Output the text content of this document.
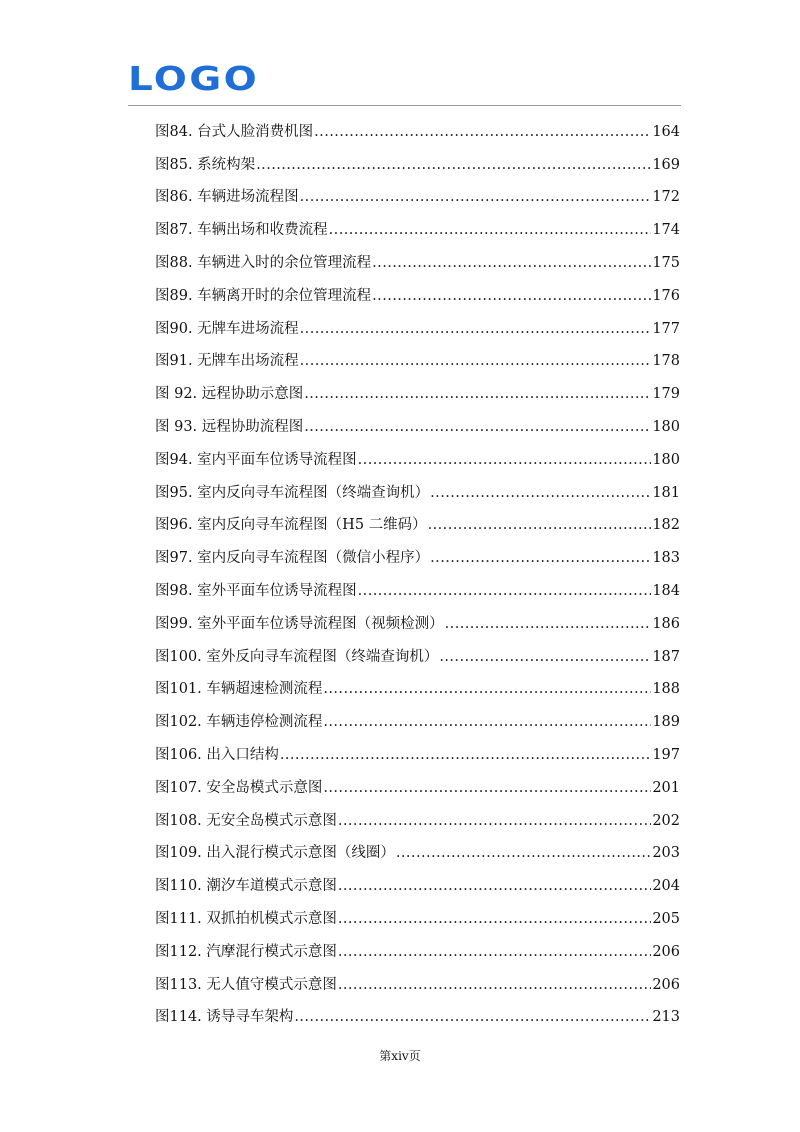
LOGO
图84. 台式人脸消费机图 .....	164
图85. 系统构架 .....	169
图86. 车辆进场流程图 .....	172
图87. 车辆出场和收费流程 .....	174
图88. 车辆进入时的余位管理流程 .....	175
图89. 车辆离开时的余位管理流程 .....	176
图90. 无牌车进场流程 .....	177
图91. 无牌车出场流程 .....	178
图 92. 远程协助示意图 .....	179
图 93. 远程协助流程图 .....	180
图94. 室内平面车位诱导流程图 .....	180
图95. 室内反向寻车流程图（终端查询机） .....	181
图96. 室内反向寻车流程图（H5 二维码） .....	182
图97. 室内反向寻车流程图（微信小程序） .....	183
图98. 室外平面车位诱导流程图 .....	184
图99. 室外平面车位诱导流程图（视频检测） .....	186
图100. 室外反向寻车流程图（终端查询机） .....	187
图101. 车辆超速检测流程 .....	188
图102. 车辆违停检测流程 .....	189
图106. 出入口结构 .....	197
图107. 安全岛模式示意图 .....	201
图108. 无安全岛模式示意图 .....	202
图109. 出入混行模式示意图（线圈） .....	203
图110. 潮汐车道模式示意图 .....	204
图111. 双抓拍机模式示意图 .....	205
图112. 汽摩混行模式示意图 .....	206
图113. 无人值守模式示意图 .....	206
图114. 诱导寻车架构 .....	213
第xiv页
